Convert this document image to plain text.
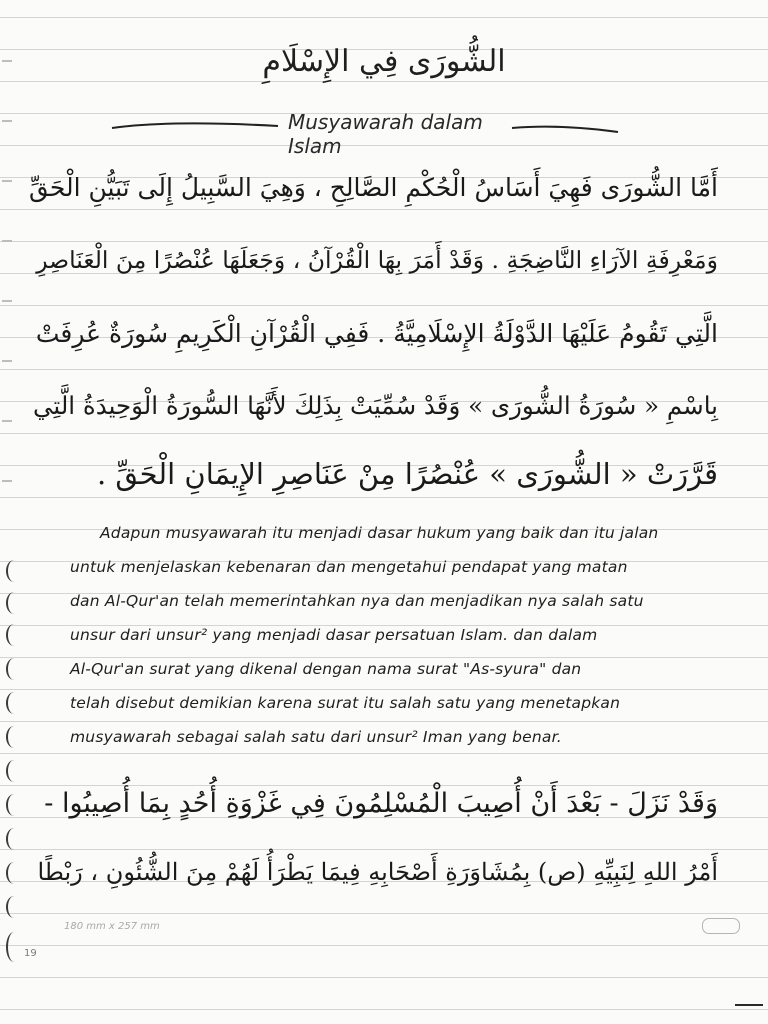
الشُّورَى فِي الإِسْلَامِ
Musyawarah dalam Islam
أَمَّا الشُّورَى فَهِيَ أَسَاسُ الْحُكْمِ الصَّالِحِ ، وَهِيَ السَّبِيلُ إِلَى تَبَيُّنِ الْحَقِّ
وَمَعْرِفَةِ الآرَاءِ النَّاضِجَةِ . وَقَدْ أَمَرَ بِهَا الْقُرْآنُ ، وَجَعَلَهَا عُنْصُرًا مِنَ الْعَنَاصِرِ
الَّتِي تَقُومُ عَلَيْهَا الدَّوْلَةُ الإِسْلَامِيَّةُ . فَفِي الْقُرْآنِ الْكَرِيمِ سُورَةٌ عُرِفَتْ
بِاسْمِ « سُورَةُ الشُّورَى » وَقَدْ سُمِّيَتْ بِذَلِكَ لأَنَّهَا السُّورَةُ الْوَحِيدَةُ الَّتِي
قَرَّرَتْ « الشُّورَى » عُنْصُرًا مِنْ عَنَاصِرِ الإِيمَانِ الْحَقِّ .
Adapun musyawarah itu menjadi dasar hukum yang baik dan itu jalan
untuk menjelaskan kebenaran dan mengetahui pendapat yang matan
dan Al-Qur'an telah memerintahkan nya dan menjadikan nya salah satu
unsur dari unsur² yang menjadi dasar persatuan Islam. dan dalam
Al-Qur'an surat yang dikenal dengan nama surat "As-syura" dan
telah disebut demikian karena surat itu salah satu yang menetapkan
musyawarah sebagai salah satu dari unsur² Iman yang benar.
وَقَدْ نَزَلَ - بَعْدَ أَنْ أُصِيبَ الْمُسْلِمُونَ فِي غَزْوَةِ أُحُدٍ بِمَا أُصِيبُوا -
أَمْرُ اللهِ لِنَبِيِّهِ (ص) بِمُشَاوَرَةِ أَصْحَابِهِ فِيمَا يَطْرَأُ لَهُمْ مِنَ الشُّئُونِ ، رَبْطًا
180 mm x 257 mm
19
